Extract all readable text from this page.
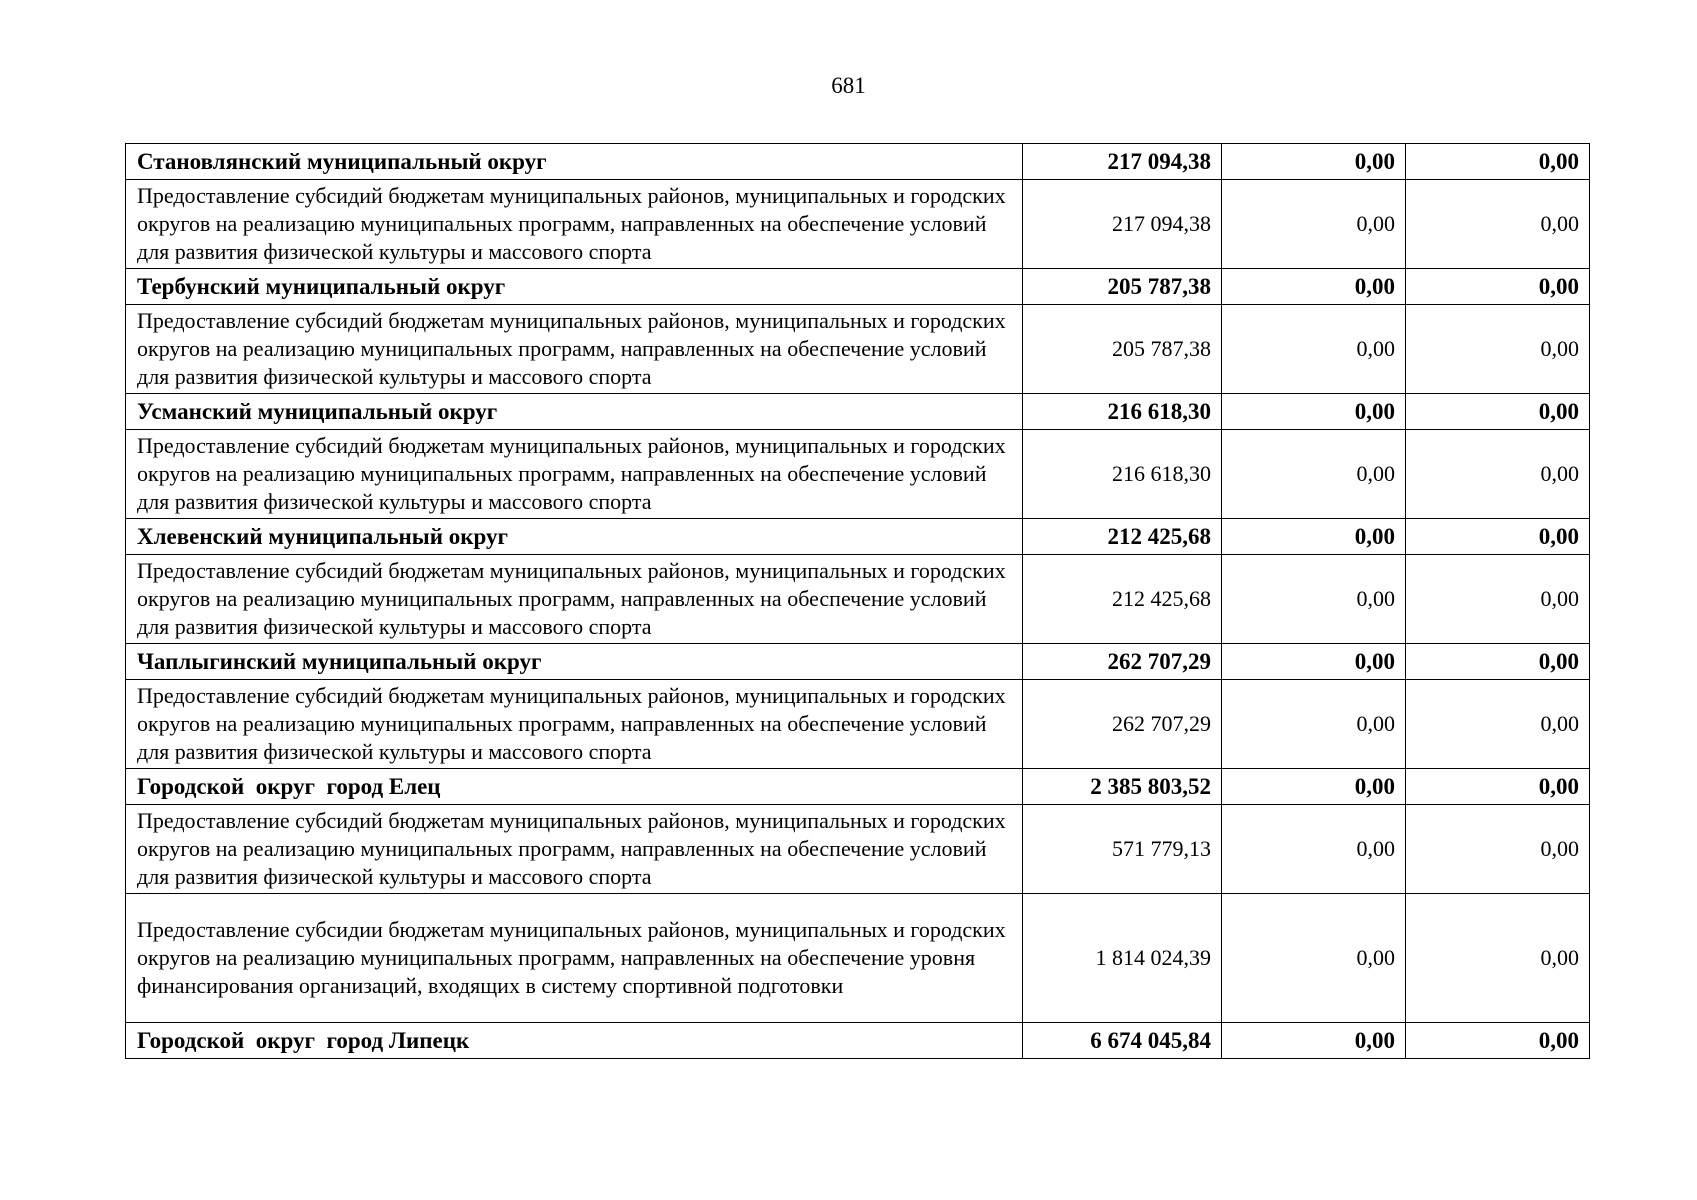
681
Становлянский муниципальный округ	217 094,38	0,00	0,00
Предоставление субсидий бюджетам муниципальных районов, муниципальных и городских округов на реализацию муниципальных программ, направленных на обеспечение условий для развития физической культуры и массового спорта	217 094,38	0,00	0,00
Тербунский муниципальный округ	205 787,38	0,00	0,00
Предоставление субсидий бюджетам муниципальных районов, муниципальных и городских округов на реализацию муниципальных программ, направленных на обеспечение условий для развития физической культуры и массового спорта	205 787,38	0,00	0,00
Усманский муниципальный округ	216 618,30	0,00	0,00
Предоставление субсидий бюджетам муниципальных районов, муниципальных и городских округов на реализацию муниципальных программ, направленных на обеспечение условий для развития физической культуры и массового спорта	216 618,30	0,00	0,00
Хлевенский муниципальный округ	212 425,68	0,00	0,00
Предоставление субсидий бюджетам муниципальных районов, муниципальных и городских округов на реализацию муниципальных программ, направленных на обеспечение условий для развития физической культуры и массового спорта	212 425,68	0,00	0,00
Чаплыгинский муниципальный округ	262 707,29	0,00	0,00
Предоставление субсидий бюджетам муниципальных районов, муниципальных и городских округов на реализацию муниципальных программ, направленных на обеспечение условий для развития физической культуры и массового спорта	262 707,29	0,00	0,00
Городской  округ  город Елец	2 385 803,52	0,00	0,00
Предоставление субсидий бюджетам муниципальных районов, муниципальных и городских округов на реализацию муниципальных программ, направленных на обеспечение условий для развития физической культуры и массового спорта	571 779,13	0,00	0,00
Предоставление субсидии бюджетам муниципальных районов, муниципальных и городских округов на реализацию муниципальных программ, направленных на обеспечение уровня финансирования организаций, входящих в систему спортивной подготовки	1 814 024,39	0,00	0,00
Городской  округ  город Липецк	6 674 045,84	0,00	0,00
